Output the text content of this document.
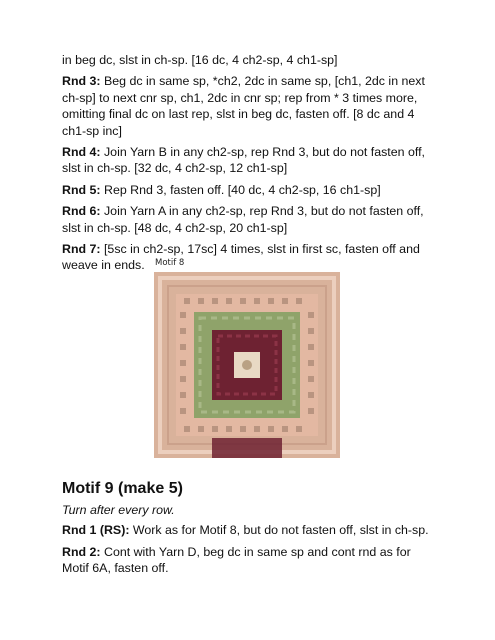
in beg dc, slst in ch-sp. [16 dc, 4 ch2-sp, 4 ch1-sp]

Rnd 3: Beg dc in same sp, *ch2, 2dc in same sp, [ch1, 2dc in next ch-sp] to next cnr sp, ch1, 2dc in cnr sp; rep from * 3 times more, omitting final dc on last rep, slst in beg dc, fasten off. [8 dc and 4 ch1-sp inc]

Rnd 4: Join Yarn B in any ch2-sp, rep Rnd 3, but do not fasten off, slst in ch-sp. [32 dc, 4 ch2-sp, 12 ch1-sp]

Rnd 5: Rep Rnd 3, fasten off. [40 dc, 4 ch2-sp, 16 ch1-sp]

Rnd 6: Join Yarn A in any ch2-sp, rep Rnd 3, but do not fasten off, slst in ch-sp. [48 dc, 4 ch2-sp, 20 ch1-sp]

Rnd 7: [5sc in ch2-sp, 17sc] 4 times, slst in first sc, fasten off and weave in ends.	Motif 8
Motif 9 (make 5)

Turn after every row.

Rnd 1 (RS): Work as for Motif 8, but do not fasten off, slst in ch-sp.

Rnd 2: Cont with Yarn D, beg dc in same sp and cont rnd as for Motif 6A, fasten off.
